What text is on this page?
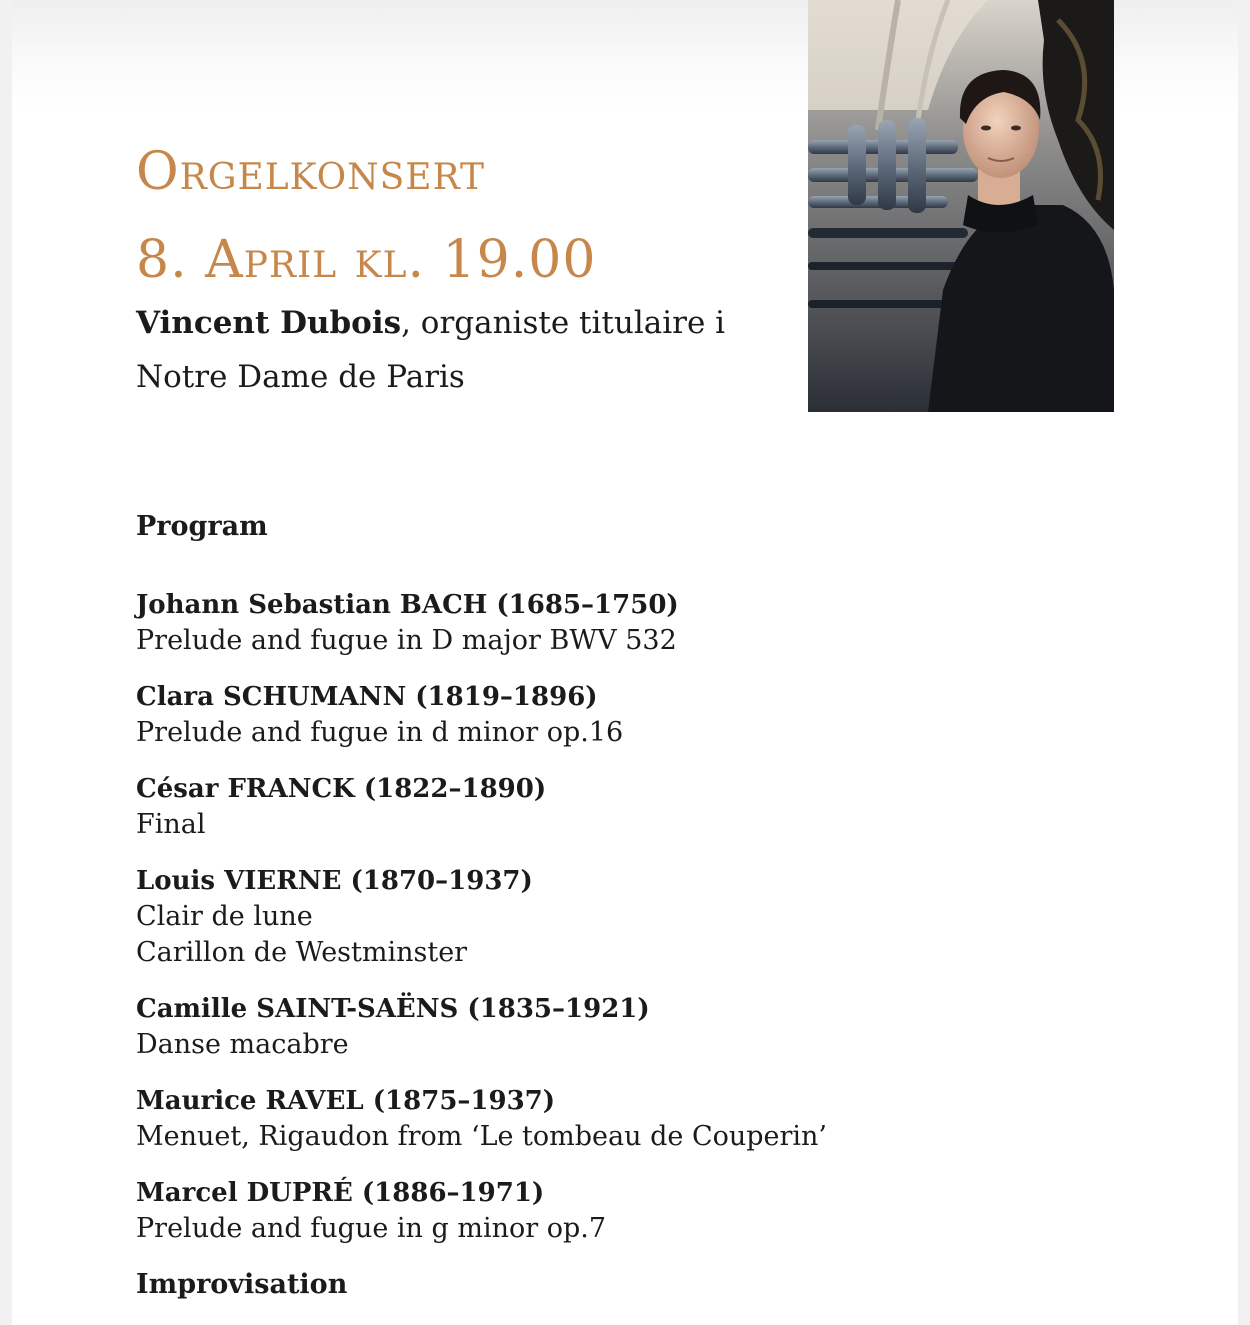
Orgelkonsert
8. April kl. 19.00
Vincent Dubois, organiste titulaire i
Notre Dame de Paris
Program
Johann Sebastian BACH (1685–1750)
Prelude and fugue in D major BWV 532
Clara SCHUMANN (1819–1896)
Prelude and fugue in d minor op.16
César FRANCK (1822–1890)
Final
Louis VIERNE (1870–1937)
Clair de lune
Carillon de Westminster
Camille SAINT-SAËNS (1835–1921)
Danse macabre
Maurice RAVEL (1875–1937)
Menuet, Rigaudon from ‘Le tombeau de Couperin’
Marcel DUPRÉ (1886–1971)
Prelude and fugue in g minor op.7
Improvisation
